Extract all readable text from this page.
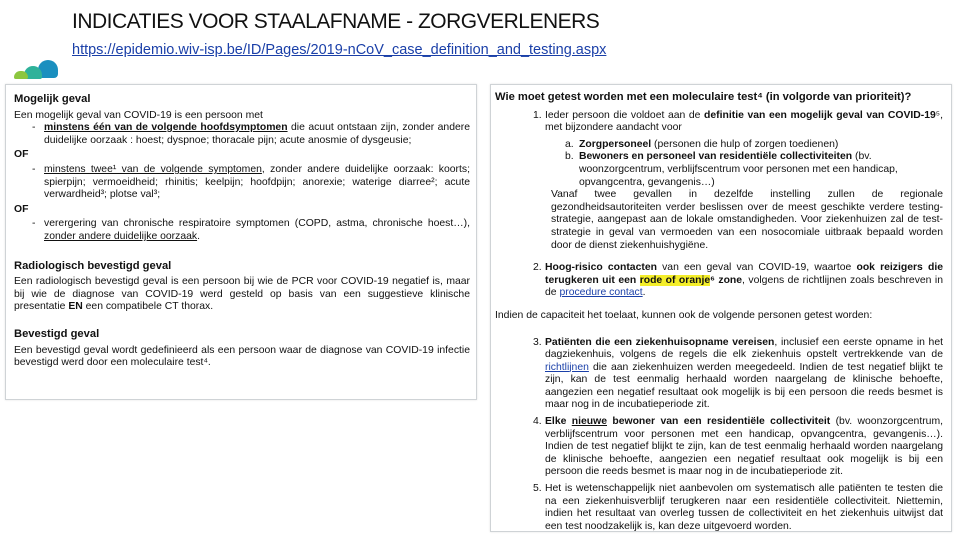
INDICATIES VOOR STAALAFNAME - ZORGVERLENERS
https://epidemio.wiv-isp.be/ID/Pages/2019-nCoV_case_definition_and_testing.aspx
Mogelijk geval

Een mogelijk geval van COVID-19 is een persoon met

- minstens één van de volgende hoofdsymptomen die acuut ontstaan zijn, zonder andere duidelijke oorzaak : hoest; dyspnoe; thoracale pijn; acute anosmie of dysgeusie;
OF
- minstens twee¹ van de volgende symptomen, zonder andere duidelijke oorzaak: koorts; spierpijn; vermoeidheid; rhinitis; keelpijn; hoofdpijn; anorexie; waterige diarree²; acute verwardheid³; plotse val³;
OF
- verergering van chronische respiratoire symptomen (COPD, astma, chronische hoest…), zonder andere duidelijke oorzaak.
Radiologisch bevestigd geval

Een radiologisch bevestigd geval is een persoon bij wie de PCR voor COVID-19 negatief is, maar bij wie de diagnose van COVID-19 werd gesteld op basis van een suggestieve klinische presentatie EN een compatibele CT thorax.

Bevestigd geval

Een bevestigd geval wordt gedefinieerd als een persoon waar de diagnose van COVID-19 infectie bevestigd werd door een moleculaire test⁴.

Wie moet getest worden met een moleculaire test⁴ (in volgorde van prioriteit)?
1. Ieder persoon die voldoet aan de definitie van een mogelijk geval van COVID-19⁵, met bijzondere aandacht voor
a. Zorgpersoneel (personen die hulp of zorgen toedienen)
b. Bewoners en personeel van residentiële collectiviteiten (bv. woonzorgcentrum, verblijfscentrum voor personen met een handicap, opvangcentra, gevangenis…)

Vanaf twee gevallen in dezelfde instelling zullen de regionale gezondheidsautoriteiten verder beslissen over de meest geschikte verdere testing-strategie, aangepast aan de lokale omstandigheden. Voor ziekenhuizen zal de test-strategie in geval van vermoeden van een nosocomiale uitbraak bepaald worden door de dienst ziekenhuishygiëne.

2. Hoog-risico contacten van een geval van COVID-19, waartoe ook reizigers die terugkeren uit een rode of oranje⁶ zone, volgens de richtlijnen zoals beschreven in de procedure contact.

Indien de capaciteit het toelaat, kunnen ook de volgende personen getest worden:

3. Patiënten die een ziekenhuisopname vereisen, inclusief een eerste opname in het dagziekenhuis, volgens de regels die elk ziekenhuis opstelt vertrekkende van de richtlijnen die aan ziekenhuizen werden meegedeeld. Indien de test negatief blijkt te zijn, kan de test eenmalig herhaald worden naargelang de klinische behoefte, aangezien een negatief resultaat ook mogelijk is bij een persoon die reeds besmet is maar nog in de incubatieperiode zit.
4. Elke nieuwe bewoner van een residentiële collectiviteit (bv. woonzorgcentrum, verblijfscentrum voor personen met een handicap, opvangcentra, gevangenis…). Indien de test negatief blijkt te zijn, kan de test eenmalig herhaald worden naargelang de klinische behoefte, aangezien een negatief resultaat ook mogelijk is bij een persoon die reeds besmet is maar nog in de incubatieperiode zit.
5. Het is wetenschappelijk niet aanbevolen om systematisch alle patiënten te testen die na een ziekenhuisverblijf terugkeren naar een residentiële collectiviteit. Niettemin, indien het resultaat van overleg tussen de collectiviteit en het ziekenhuis uitwijst dat een test noodzakelijk is, kan deze uitgevoerd worden.
